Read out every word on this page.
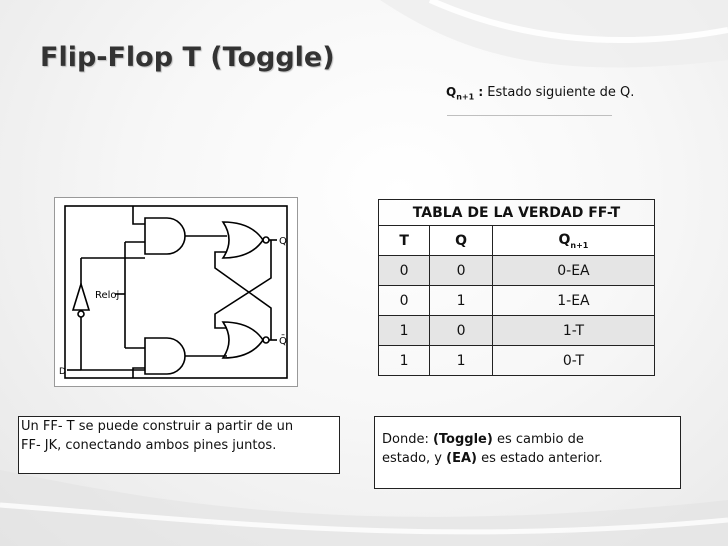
Flip-Flop T (Toggle)
$Q_{n+1}$ : Estado siguiente de Q.
Reloj
Q
Q̄
D
TABLA DE LA VERDAD FF-T		
T	Q	$Q_{n+1}$
0	0	0-EA
0	1	1-EA
1	0	1-T
1	1	0-T
Un FF- T se puede construir a partir de un
FF- JK, conectando ambos pines juntos.	Donde: (Toggle) es cambio de
estado, y (EA) es estado anterior.
